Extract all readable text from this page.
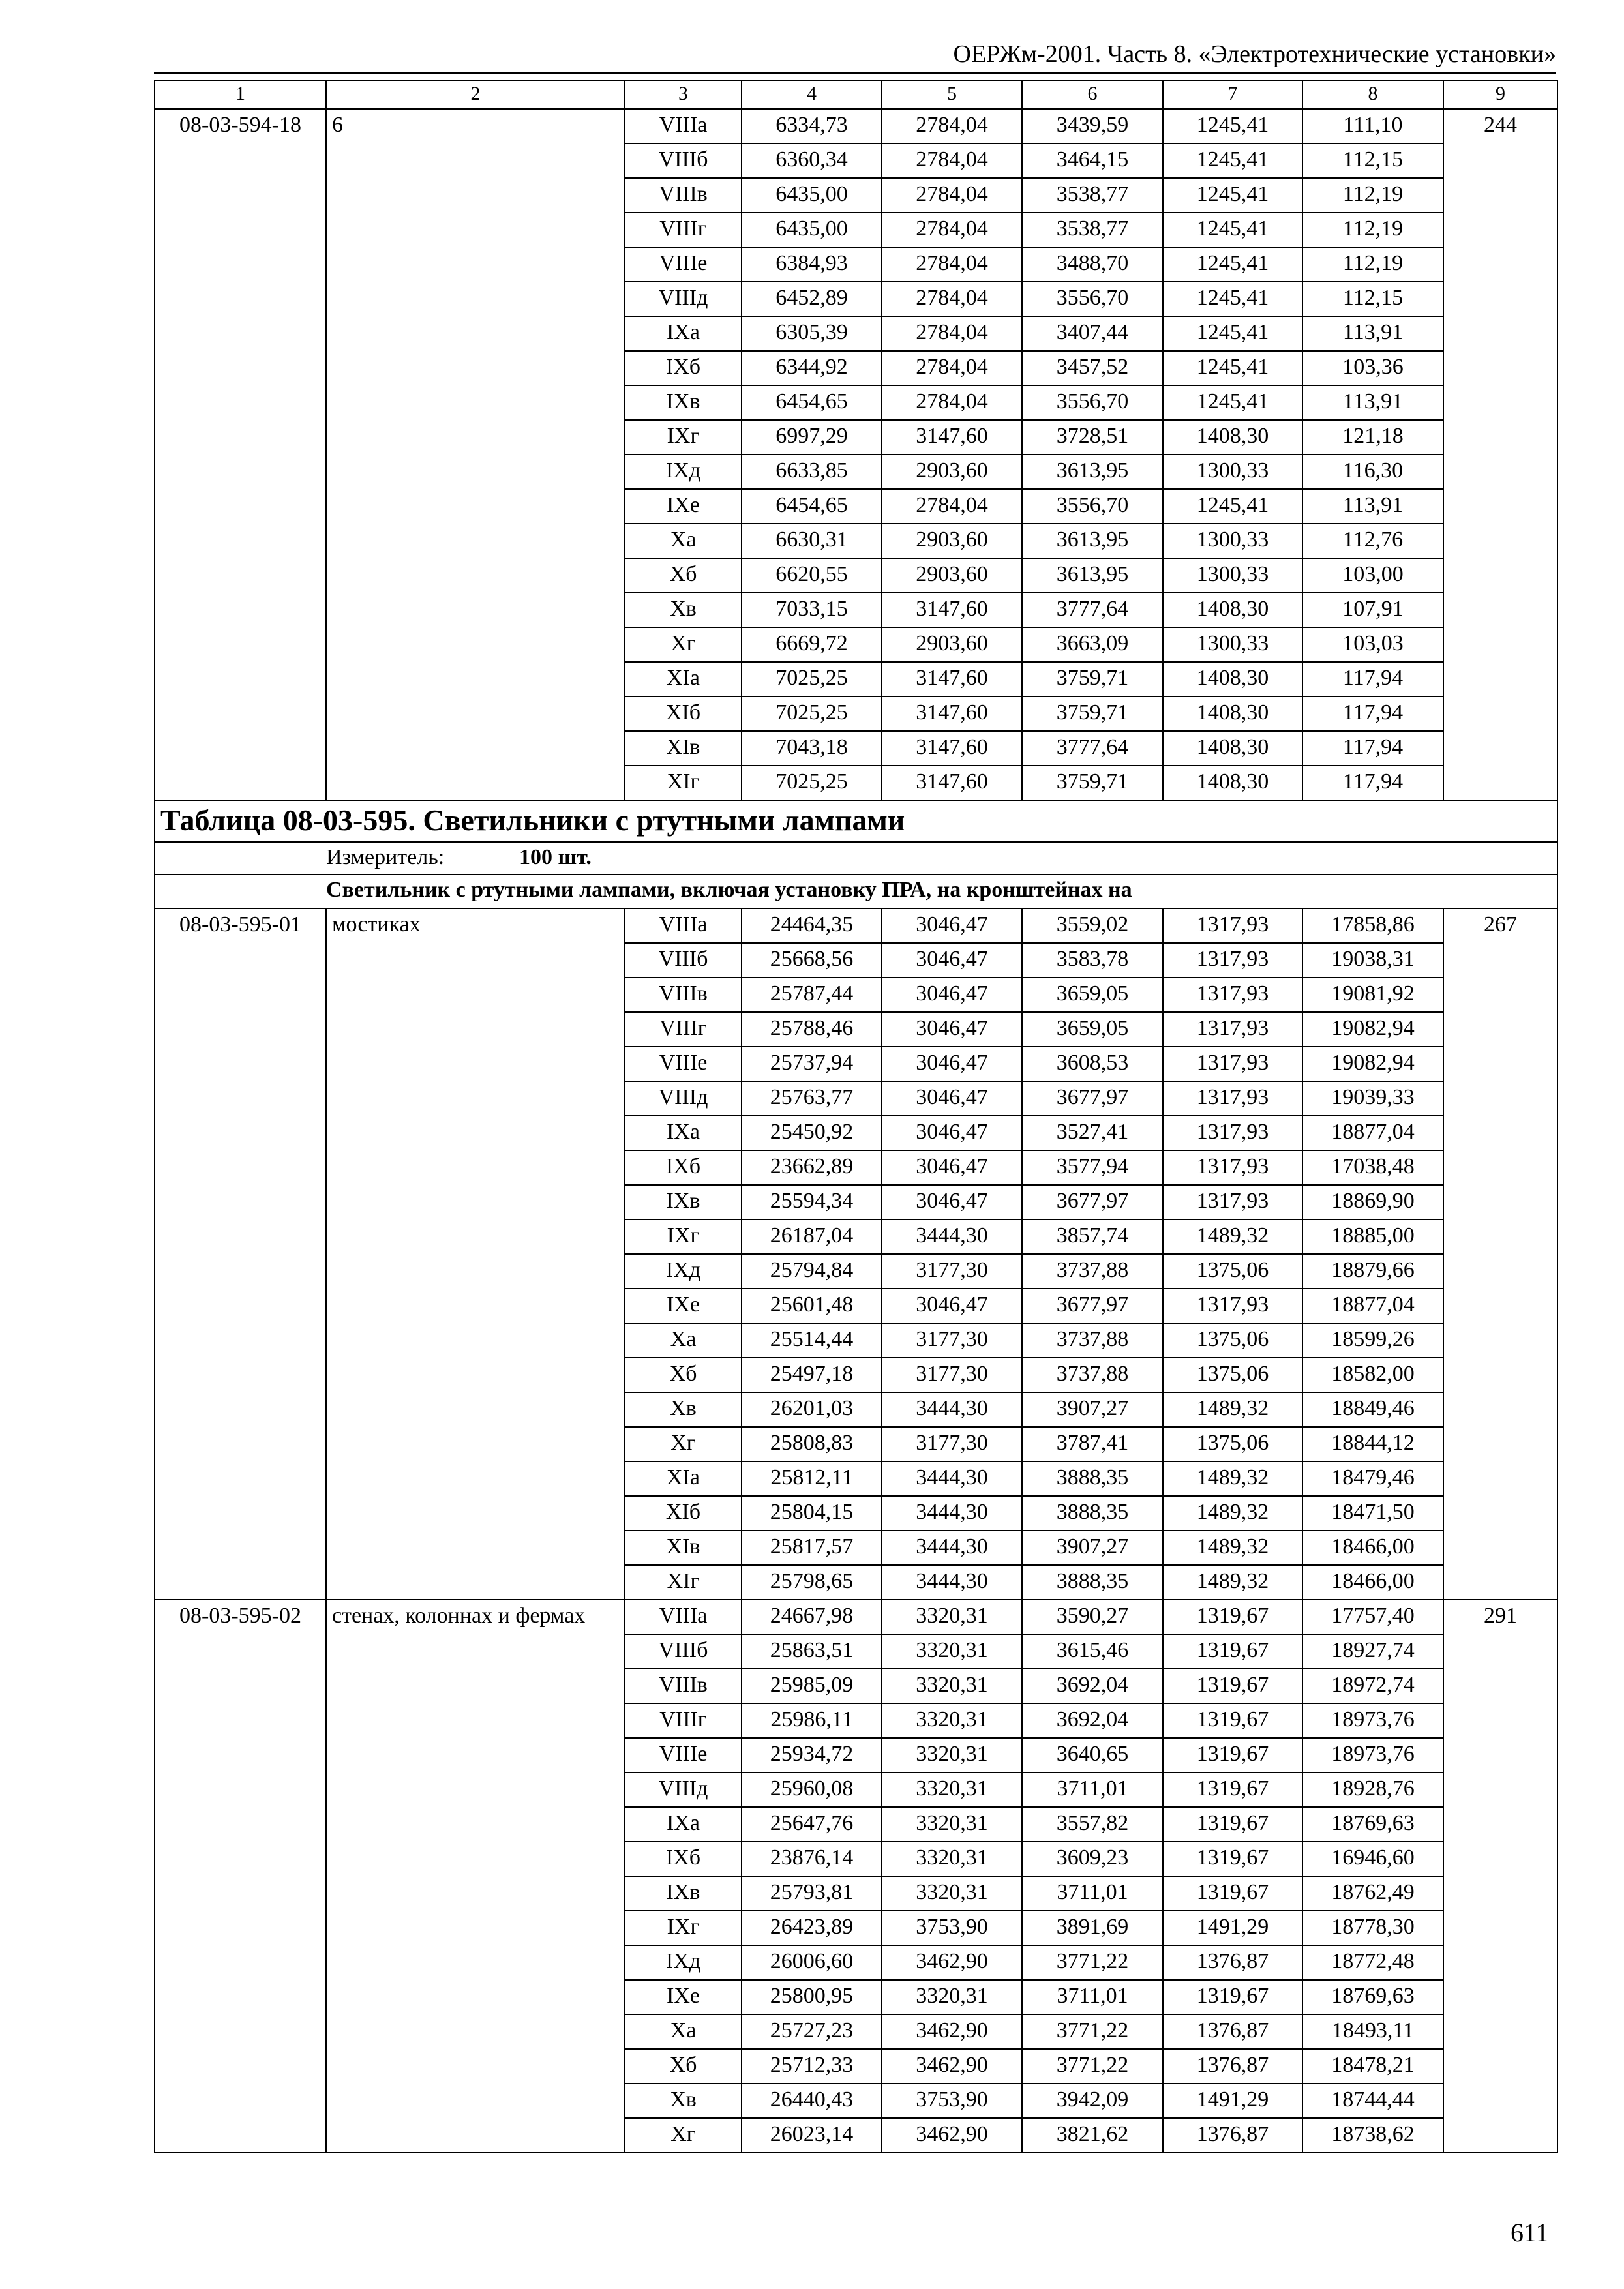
ОЕРЖм-2001. Часть 8. «Электротехнические установки»
1	2	3	4	5	6	7	8	9
08-03-594-18	6	VIIIа	6334,73	2784,04	3439,59	1245,41	111,10	244
		VIIIб	6360,34	2784,04	3464,15	1245,41	112,15	
		VIIIв	6435,00	2784,04	3538,77	1245,41	112,19	
		VIIIг	6435,00	2784,04	3538,77	1245,41	112,19	
		VIIIе	6384,93	2784,04	3488,70	1245,41	112,19	
		VIIIд	6452,89	2784,04	3556,70	1245,41	112,15	
		IXа	6305,39	2784,04	3407,44	1245,41	113,91	
		IXб	6344,92	2784,04	3457,52	1245,41	103,36	
		IXв	6454,65	2784,04	3556,70	1245,41	113,91	
		IXг	6997,29	3147,60	3728,51	1408,30	121,18	
		IXд	6633,85	2903,60	3613,95	1300,33	116,30	
		IXе	6454,65	2784,04	3556,70	1245,41	113,91	
		Xа	6630,31	2903,60	3613,95	1300,33	112,76	
		Xб	6620,55	2903,60	3613,95	1300,33	103,00	
		Xв	7033,15	3147,60	3777,64	1408,30	107,91	
		Xг	6669,72	2903,60	3663,09	1300,33	103,03	
		XIа	7025,25	3147,60	3759,71	1408,30	117,94	
		XIб	7025,25	3147,60	3759,71	1408,30	117,94	
		XIв	7043,18	3147,60	3777,64	1408,30	117,94	
		XIг	7025,25	3147,60	3759,71	1408,30	117,94	
Таблица 08-03-595. Светильники с ртутными лампами								
Измеритель: 100 шт.								
Светильник с ртутными лампами, включая установку ПРА, на кронштейнах на								
08-03-595-01	мостиках	VIIIа	24464,35	3046,47	3559,02	1317,93	17858,86	267
		VIIIб	25668,56	3046,47	3583,78	1317,93	19038,31	
		VIIIв	25787,44	3046,47	3659,05	1317,93	19081,92	
		VIIIг	25788,46	3046,47	3659,05	1317,93	19082,94	
		VIIIе	25737,94	3046,47	3608,53	1317,93	19082,94	
		VIIIд	25763,77	3046,47	3677,97	1317,93	19039,33	
		IXа	25450,92	3046,47	3527,41	1317,93	18877,04	
		IXб	23662,89	3046,47	3577,94	1317,93	17038,48	
		IXв	25594,34	3046,47	3677,97	1317,93	18869,90	
		IXг	26187,04	3444,30	3857,74	1489,32	18885,00	
		IXд	25794,84	3177,30	3737,88	1375,06	18879,66	
		IXе	25601,48	3046,47	3677,97	1317,93	18877,04	
		Xа	25514,44	3177,30	3737,88	1375,06	18599,26	
		Xб	25497,18	3177,30	3737,88	1375,06	18582,00	
		Xв	26201,03	3444,30	3907,27	1489,32	18849,46	
		Xг	25808,83	3177,30	3787,41	1375,06	18844,12	
		XIа	25812,11	3444,30	3888,35	1489,32	18479,46	
		XIб	25804,15	3444,30	3888,35	1489,32	18471,50	
		XIв	25817,57	3444,30	3907,27	1489,32	18466,00	
		XIг	25798,65	3444,30	3888,35	1489,32	18466,00	
08-03-595-02	стенах, колоннах и фермах	VIIIа	24667,98	3320,31	3590,27	1319,67	17757,40	291
		VIIIб	25863,51	3320,31	3615,46	1319,67	18927,74	
		VIIIв	25985,09	3320,31	3692,04	1319,67	18972,74	
		VIIIг	25986,11	3320,31	3692,04	1319,67	18973,76	
		VIIIе	25934,72	3320,31	3640,65	1319,67	18973,76	
		VIIIд	25960,08	3320,31	3711,01	1319,67	18928,76	
		IXа	25647,76	3320,31	3557,82	1319,67	18769,63	
		IXб	23876,14	3320,31	3609,23	1319,67	16946,60	
		IXв	25793,81	3320,31	3711,01	1319,67	18762,49	
		IXг	26423,89	3753,90	3891,69	1491,29	18778,30	
		IXд	26006,60	3462,90	3771,22	1376,87	18772,48	
		IXе	25800,95	3320,31	3711,01	1319,67	18769,63	
		Xа	25727,23	3462,90	3771,22	1376,87	18493,11	
		Xб	25712,33	3462,90	3771,22	1376,87	18478,21	
		Xв	26440,43	3753,90	3942,09	1491,29	18744,44	
		Xг	26023,14	3462,90	3821,62	1376,87	18738,62	
611
